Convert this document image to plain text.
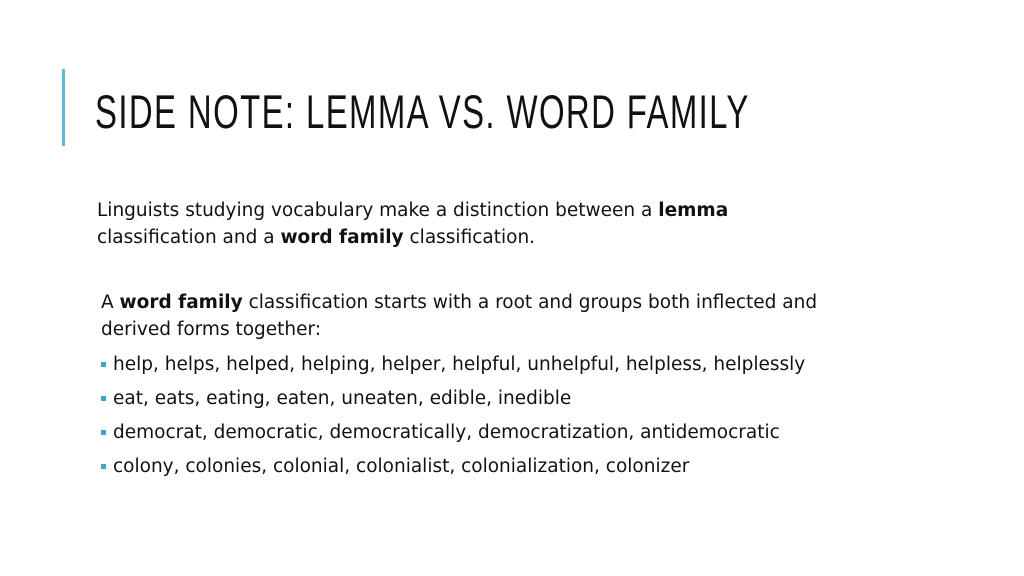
SIDE NOTE: LEMMA VS. WORD FAMILY
Linguists studying vocabulary make a distinction between a lemma
classification and a word family classification.
A word family classification starts with a root and groups both inflected and
derived forms together:
help, helps, helped, helping, helper, helpful, unhelpful, helpless, helplessly
eat, eats, eating, eaten, uneaten, edible, inedible
democrat, democratic, democratically, democratization, antidemocratic
colony, colonies, colonial, colonialist, colonialization, colonizer
